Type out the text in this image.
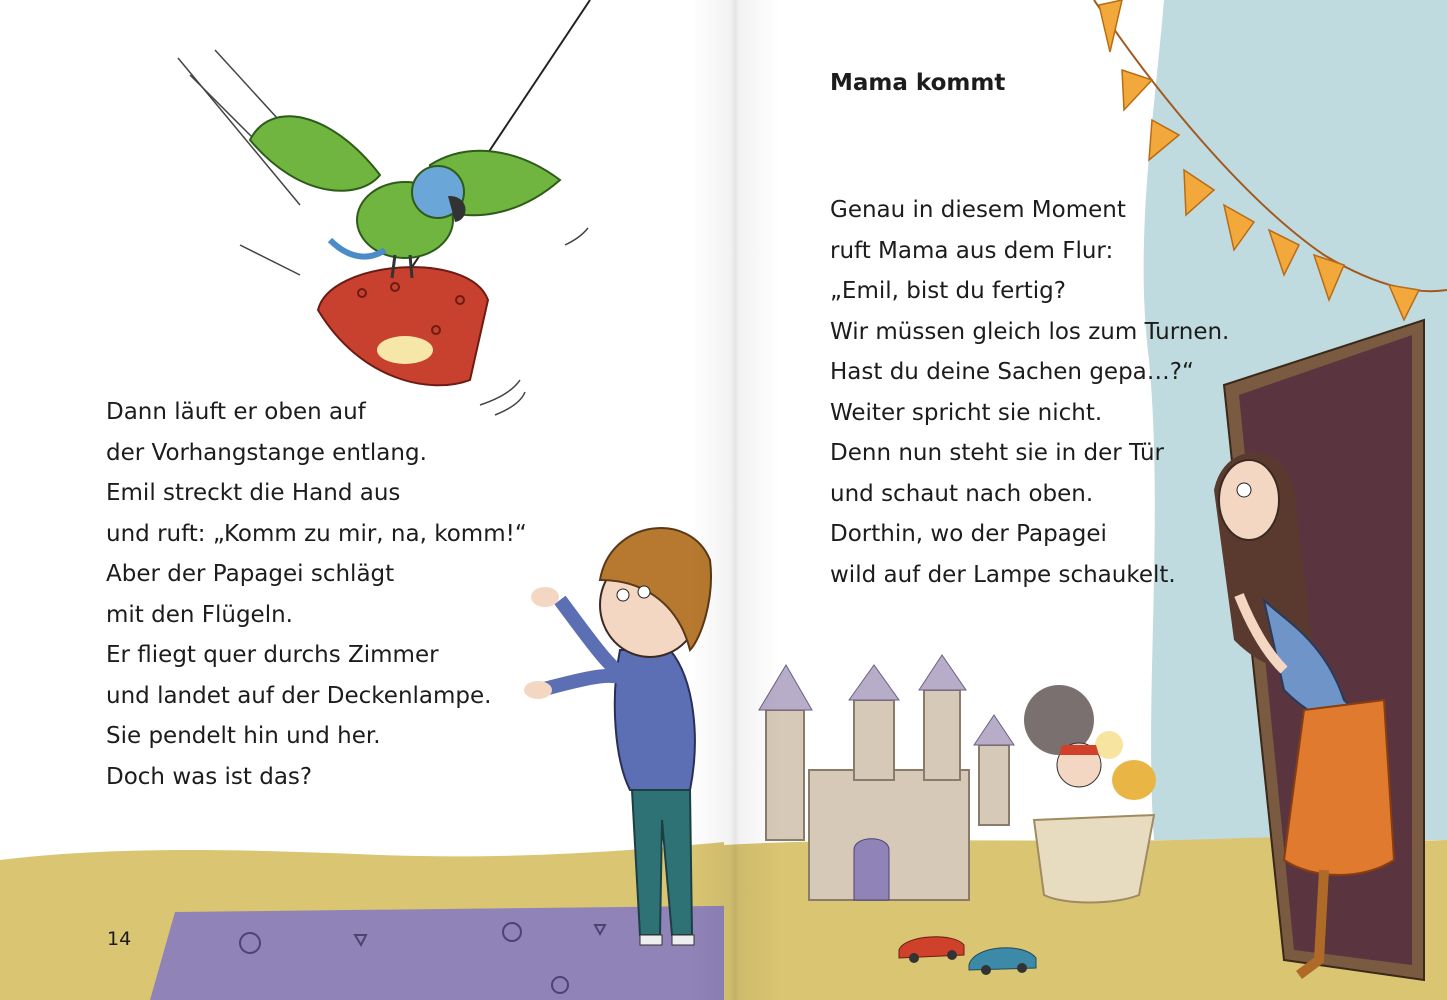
Dann läuft er oben auf
der Vorhangstange entlang.
Emil streckt die Hand aus
und ruft: „Komm zu mir, na, komm!“
Aber der Papagei schlägt
mit den Flügeln.
Er fliegt quer durchs Zimmer
und landet auf der Deckenlampe.
Sie pendelt hin und her.
Doch was ist das?
14
Mama kommt
Genau in diesem Moment
ruft Mama aus dem Flur:
„Emil, bist du fertig?
Wir müssen gleich los zum Turnen.
Hast du deine Sachen gepa…?“
Weiter spricht sie nicht.
Denn nun steht sie in der Tür
und schaut nach oben.
Dorthin, wo der Papagei
wild auf der Lampe schaukelt.
